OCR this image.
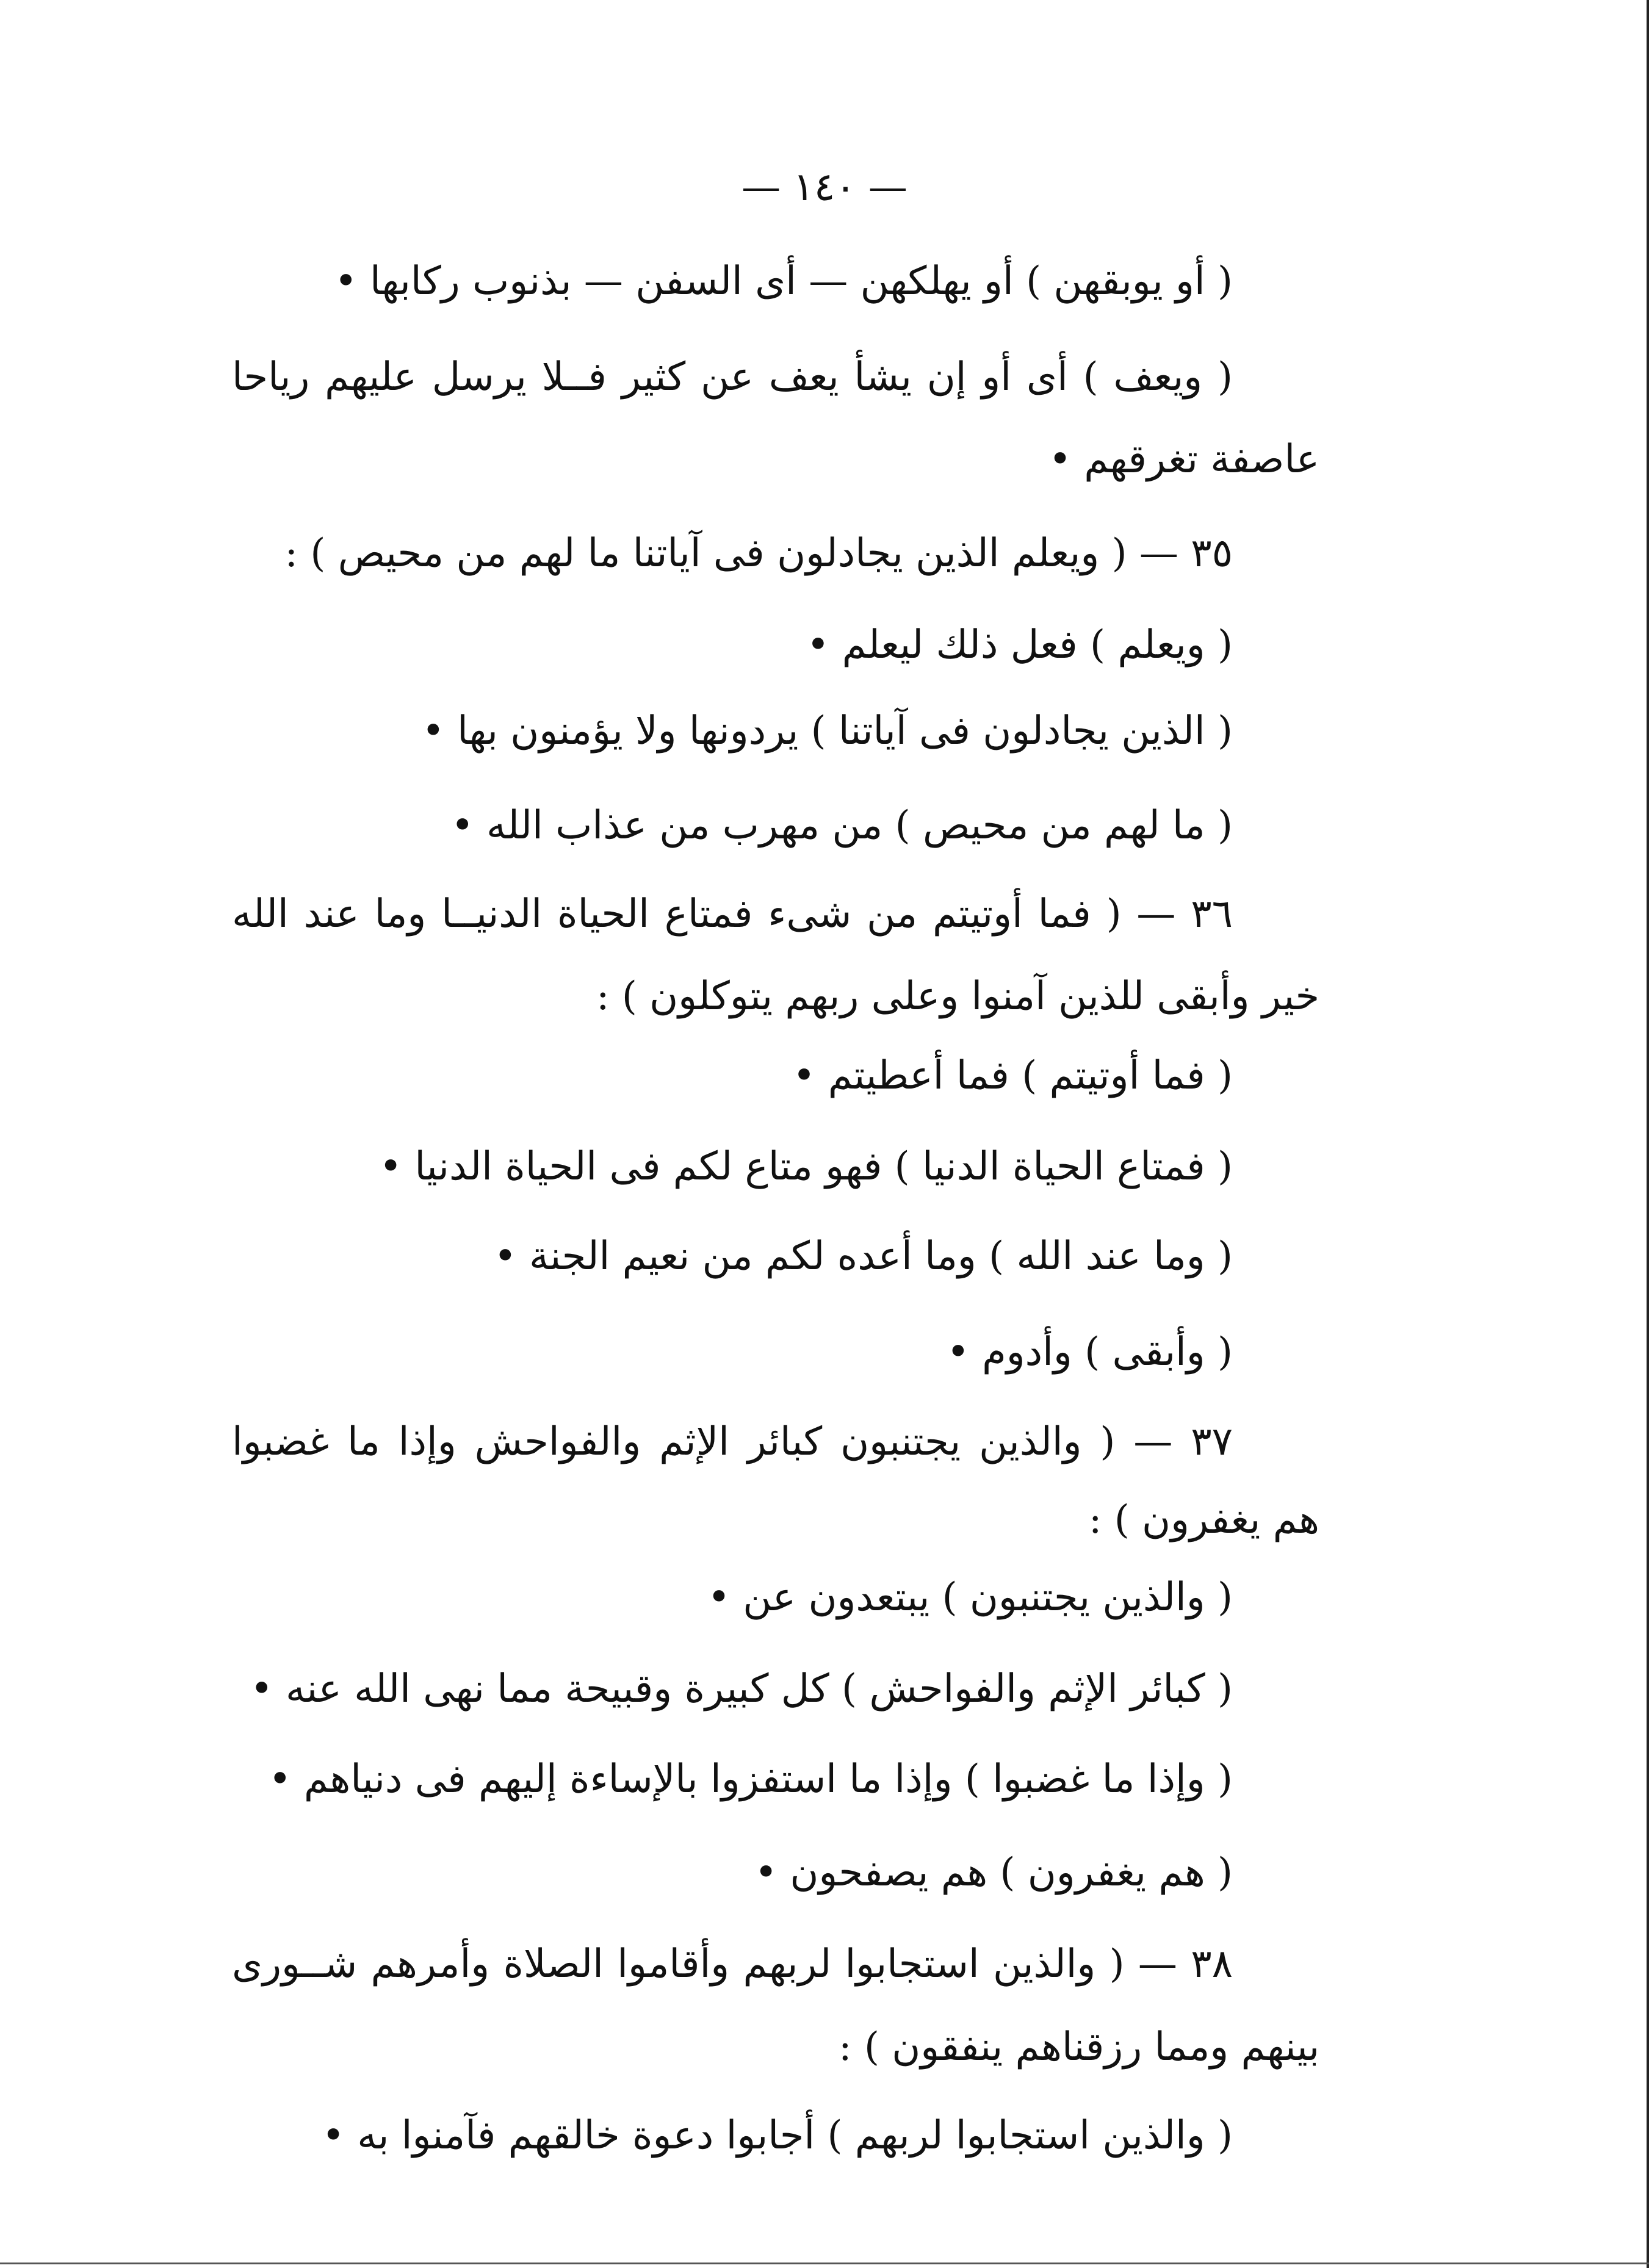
— ١٤٠ —
( أو يوبقهن ) أو يهلكهن — أى السفن — بذنوب ركابها •
( ويعف ) أى أو إن يشأ يعف عن كثير فــلا يرسل عليهم رياحا
عاصفة تغرقهم •
٣٥ — ( ويعلم الذين يجادلون فى آياتنا ما لهم من محيص ) :
( ويعلم ) فعل ذلك ليعلم •
( الذين يجادلون فى آياتنا ) يردونها ولا يؤمنون بها •
( ما لهم من محيص ) من مهرب من عذاب الله •
٣٦ — ( فما أوتيتم من شىء فمتاع الحياة الدنيــا وما عند الله
خير وأبقى للذين آمنوا وعلى ربهم يتوكلون ) :
( فما أوتيتم ) فما أعطيتم •
( فمتاع الحياة الدنيا ) فهو متاع لكم فى الحياة الدنيا •
( وما عند الله ) وما أعده لكم من نعيم الجنة •
( وأبقى ) وأدوم •
٣٧ — ( والذين يجتنبون كبائر الإثم والفواحش وإذا ما غضبوا
هم يغفرون ) :
( والذين يجتنبون ) يبتعدون عن •
( كبائر الإثم والفواحش ) كل كبيرة وقبيحة مما نهى الله عنه •
( وإذا ما غضبوا ) وإذا ما استفزوا بالإساءة إليهم فى دنياهم •
( هم يغفرون ) هم يصفحون •
٣٨ — ( والذين استجابوا لربهم وأقاموا الصلاة وأمرهم شــورى
بينهم ومما رزقناهم ينفقون ) :
( والذين استجابوا لربهم ) أجابوا دعوة خالقهم فآمنوا به •
